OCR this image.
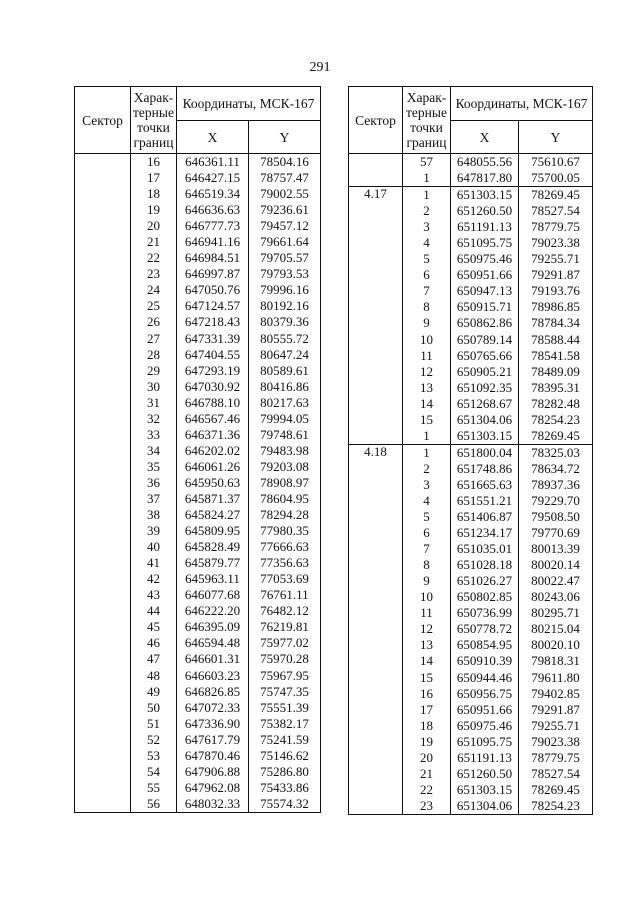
291
Сектор	Харак-терные точки границ	Координаты, МСК-167	
		X	Y
	16	646361.11	78504.16
	17	646427.15	78757.47
	18	646519.34	79002.55
	19	646636.63	79236.61
	20	646777.73	79457.12
	21	646941.16	79661.64
	22	646984.51	79705.57
	23	646997.87	79793.53
	24	647050.76	79996.16
	25	647124.57	80192.16
	26	647218.43	80379.36
	27	647331.39	80555.72
	28	647404.55	80647.24
	29	647293.19	80589.61
	30	647030.92	80416.86
	31	646788.10	80217.63
	32	646567.46	79994.05
	33	646371.36	79748.61
	34	646202.02	79483.98
	35	646061.26	79203.08
	36	645950.63	78908.97
	37	645871.37	78604.95
	38	645824.27	78294.28
	39	645809.95	77980.35
	40	645828.49	77666.63
	41	645879.77	77356.63
	42	645963.11	77053.69
	43	646077.68	76761.11
	44	646222.20	76482.12
	45	646395.09	76219.81
	46	646594.48	75977.02
	47	646601.31	75970.28
	48	646603.23	75967.95
	49	646826.85	75747.35
	50	647072.33	75551.39
	51	647336.90	75382.17
	52	647617.79	75241.59
	53	647870.46	75146.62
	54	647906.88	75286.80
	55	647962.08	75433.86
	56	648032.33	75574.32
Сектор	Харак-терные точки границ	Координаты, МСК-167	
		X	Y
	57	648055.56	75610.67
	1	647817.80	75700.05
4.17	1	651303.15	78269.45
	2	651260.50	78527.54
	3	651191.13	78779.75
	4	651095.75	79023.38
	5	650975.46	79255.71
	6	650951.66	79291.87
	7	650947.13	79193.76
	8	650915.71	78986.85
	9	650862.86	78784.34
	10	650789.14	78588.44
	11	650765.66	78541.58
	12	650905.21	78489.09
	13	651092.35	78395.31
	14	651268.67	78282.48
	15	651304.06	78254.23
	1	651303.15	78269.45
4.18	1	651800.04	78325.03
	2	651748.86	78634.72
	3	651665.63	78937.36
	4	651551.21	79229.70
	5	651406.87	79508.50
	6	651234.17	79770.69
	7	651035.01	80013.39
	8	651028.18	80020.14
	9	651026.27	80022.47
	10	650802.85	80243.06
	11	650736.99	80295.71
	12	650778.72	80215.04
	13	650854.95	80020.10
	14	650910.39	79818.31
	15	650944.46	79611.80
	16	650956.75	79402.85
	17	650951.66	79291.87
	18	650975.46	79255.71
	19	651095.75	79023.38
	20	651191.13	78779.75
	21	651260.50	78527.54
	22	651303.15	78269.45
	23	651304.06	78254.23
